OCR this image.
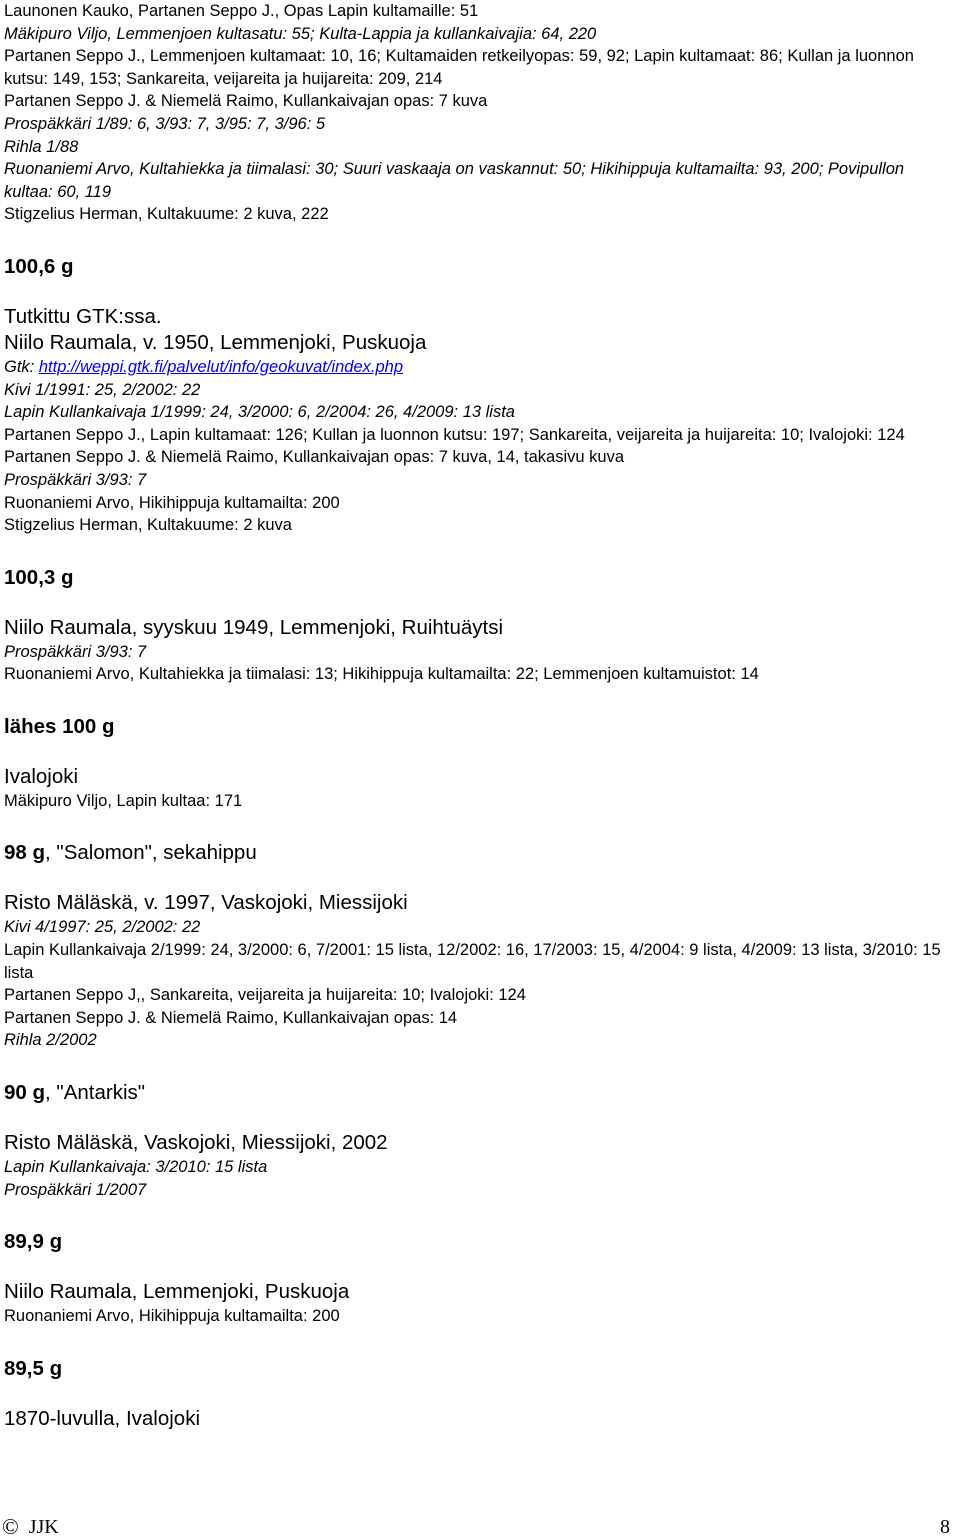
Launonen Kauko, Partanen Seppo J., Opas Lapin kultamaille: 51
Mäkipuro Viljo, Lemmenjoen kultasatu: 55; Kulta-Lappia ja kullankaivajia: 64, 220
Partanen Seppo J., Lemmenjoen kultamaat: 10, 16; Kultamaiden retkeilyopas: 59, 92; Lapin kultamaat: 86; Kullan ja luonnon kutsu: 149, 153; Sankareita, veijareita ja huijareita: 209, 214
Partanen Seppo J. & Niemelä Raimo, Kullankaivajan opas: 7 kuva
Prospäkkäri 1/89: 6, 3/93: 7, 3/95: 7, 3/96: 5
Rihla 1/88
Ruonaniemi Arvo, Kultahiekka ja tiimalasi: 30; Suuri vaskaaja on vaskannut: 50; Hikihippuja kultamailta: 93, 200; Povipullon kultaa: 60, 119
Stigzelius Herman, Kultakuume: 2 kuva, 222
100,6 g
Tutkittu GTK:ssa.
Niilo Raumala, v. 1950, Lemmenjoki, Puskuoja
Gtk: http://weppi.gtk.fi/palvelut/info/geokuvat/index.php
Kivi 1/1991: 25, 2/2002: 22
Lapin Kullankaivaja 1/1999: 24, 3/2000: 6, 2/2004: 26, 4/2009: 13 lista
Partanen Seppo J., Lapin kultamaat: 126; Kullan ja luonnon kutsu: 197; Sankareita, veijareita ja huijareita: 10; Ivalojoki: 124
Partanen Seppo J. & Niemelä Raimo, Kullankaivajan opas: 7 kuva, 14, takasivu kuva
Prospäkkäri 3/93: 7
Ruonaniemi Arvo, Hikihippuja kultamailta: 200
Stigzelius Herman, Kultakuume: 2 kuva
100,3 g
Niilo Raumala, syyskuu 1949, Lemmenjoki, Ruihtuäytsi
Prospäkkäri 3/93: 7
Ruonaniemi Arvo, Kultahiekka ja tiimalasi: 13; Hikihippuja kultamailta: 22; Lemmenjoen kultamuistot: 14
lähes 100 g
Ivalojoki
Mäkipuro Viljo, Lapin kultaa: 171
98 g, "Salomon", sekahippu
Risto Mäläskä, v. 1997, Vaskojoki, Miessijoki
Kivi 4/1997: 25, 2/2002: 22
Lapin Kullankaivaja 2/1999: 24, 3/2000: 6, 7/2001: 15 lista, 12/2002: 16, 17/2003: 15, 4/2004: 9 lista, 4/2009: 13 lista, 3/2010: 15 lista
Partanen Seppo J,, Sankareita, veijareita ja huijareita: 10; Ivalojoki: 124
Partanen Seppo J. & Niemelä Raimo, Kullankaivajan opas: 14
Rihla 2/2002
90 g, "Antarkis"
Risto Mäläskä, Vaskojoki, Miessijoki, 2002
Lapin Kullankaivaja: 3/2010: 15 lista
Prospäkkäri 1/2007
89,9 g
Niilo Raumala, Lemmenjoki, Puskuoja
Ruonaniemi Arvo, Hikihippuja kultamailta: 200
89,5 g
1870-luvulla, Ivalojoki
© JJK	8
